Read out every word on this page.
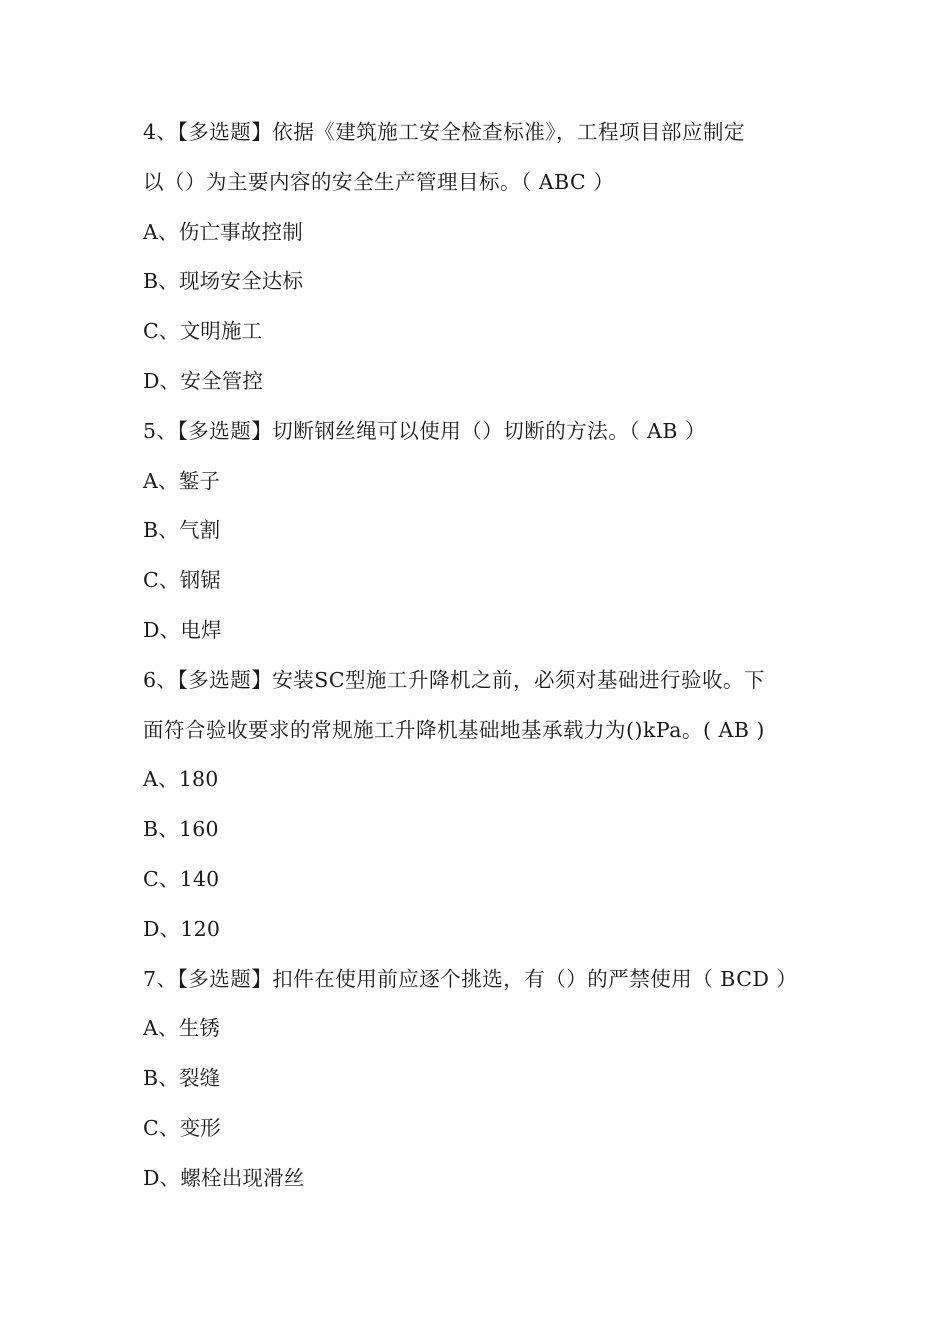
4、【多选题】依据《建筑施工安全检查标准》，工程项目部应制定
以（）为主要内容的安全生产管理目标。（ ABC ）
A、伤亡事故控制
B、现场安全达标
C、文明施工
D、安全管控
5、【多选题】切断钢丝绳可以使用（）切断的方法。（ AB ）
A、錾子
B、气割
C、钢锯
D、电焊
6、【多选题】安装SC型施工升降机之前，必须对基础进行验收。下
面符合验收要求的常规施工升降机基础地基承载力为()kPa。( AB )
A、180
B、160
C、140
D、120
7、【多选题】扣件在使用前应逐个挑选，有（）的严禁使用（ BCD ）
A、生锈
B、裂缝
C、变形
D、螺栓出现滑丝
